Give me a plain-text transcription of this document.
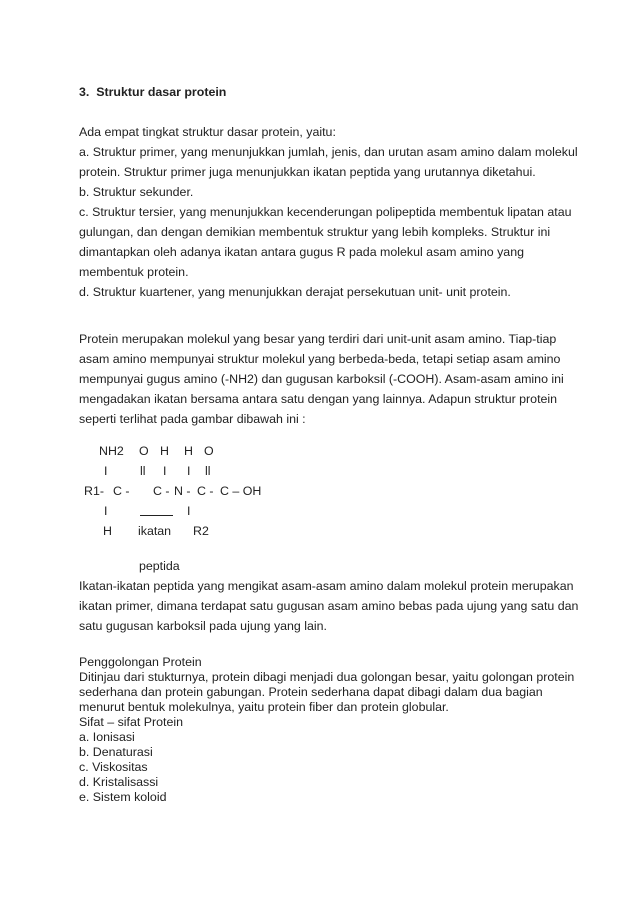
3.  Struktur dasar protein
Ada empat tingkat struktur dasar protein, yaitu:
a. Struktur primer, yang menunjukkan jumlah, jenis, dan urutan asam amino dalam molekul
protein. Struktur primer juga menunjukkan ikatan peptida yang urutannya diketahui.
b. Struktur sekunder.
c. Struktur tersier, yang menunjukkan kecenderungan polipeptida membentuk lipatan atau
gulungan, dan dengan demikian membentuk struktur yang lebih kompleks. Struktur ini
dimantapkan oleh adanya ikatan antara gugus R pada molekul asam amino yang
membentuk protein.
d. Struktur kuartener, yang menunjukkan derajat persekutuan unit- unit protein.
Protein merupakan molekul yang besar yang terdiri dari unit-unit asam amino. Tiap-tiap
asam amino mempunyai struktur molekul yang berbeda-beda, tetapi setiap asam amino
mempunyai gugus amino (-NH2) dan gugusan karboksil (-COOH). Asam-asam amino ini
mengadakan ikatan bersama antara satu dengan yang lainnya. Adapun struktur protein
seperti terlihat pada gambar dibawah ini :
NH2 O H H O
I	ll I I ll
R1- C - C - N - C - C – OH
I	I
H ikatan R2
peptida
Ikatan-ikatan peptida yang mengikat asam-asam amino dalam molekul protein merupakan
ikatan primer, dimana terdapat satu gugusan asam amino bebas pada ujung yang satu dan
satu gugusan karboksil pada ujung yang lain.
Penggolongan Protein
Ditinjau dari stukturnya, protein dibagi menjadi dua golongan besar, yaitu golongan protein
sederhana dan protein gabungan. Protein sederhana dapat dibagi dalam dua bagian
menurut bentuk molekulnya, yaitu protein fiber dan protein globular.
Sifat – sifat Protein
a. Ionisasi
b. Denaturasi
c. Viskositas
d. Kristalisassi
e. Sistem koloid
